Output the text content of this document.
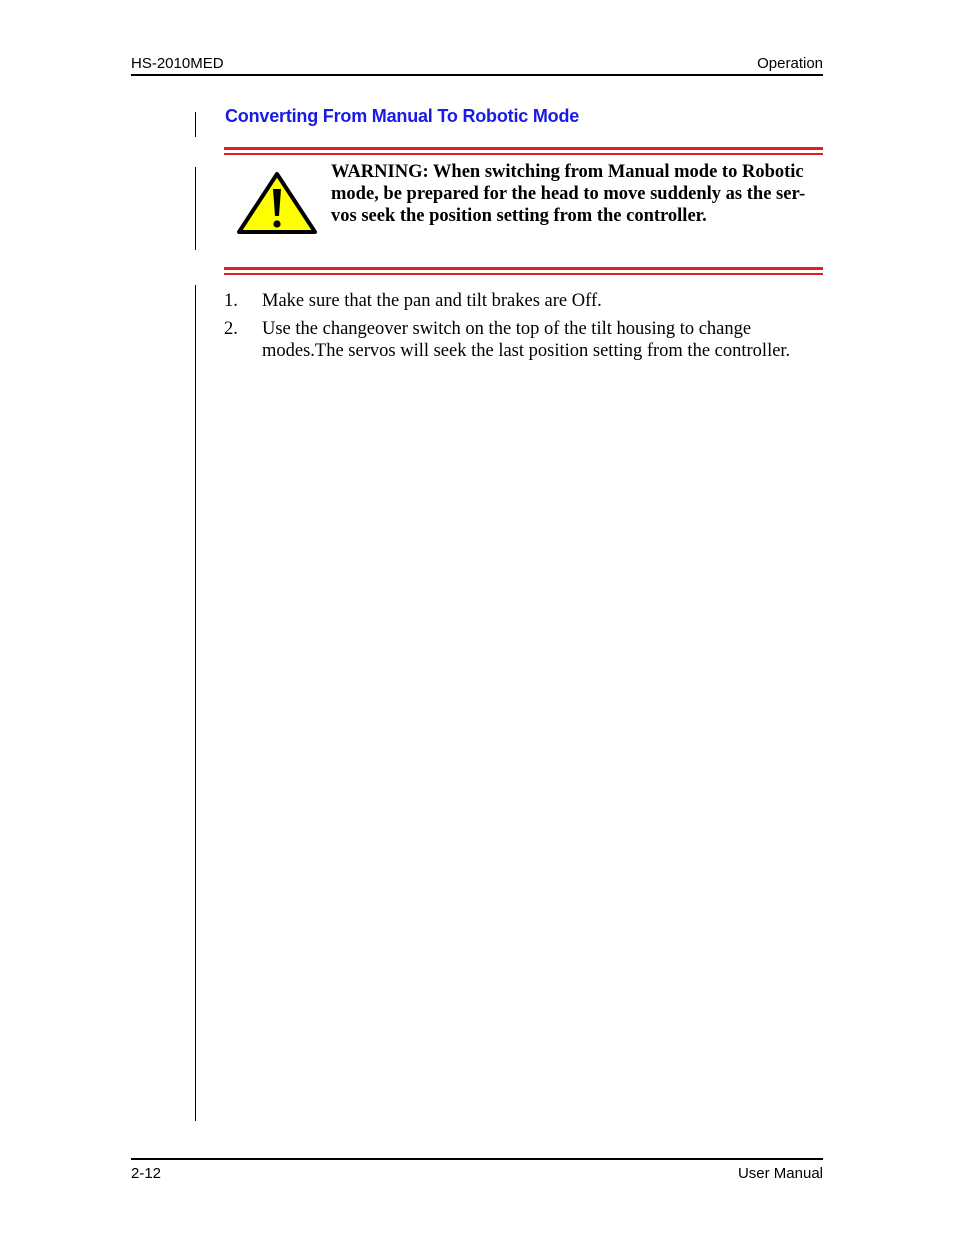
HS-2010MED	Operation
Converting From Manual To Robotic Mode
WARNING: When switching from Manual mode to Robotic mode, be prepared for the head to move suddenly as the ser-vos seek the position setting from the controller.
1.	Make sure that the pan and tilt brakes are Off.
2.	Use the changeover switch on the top of the tilt housing to change modes.The servos will seek the last position setting from the controller.
2-12	User Manual
